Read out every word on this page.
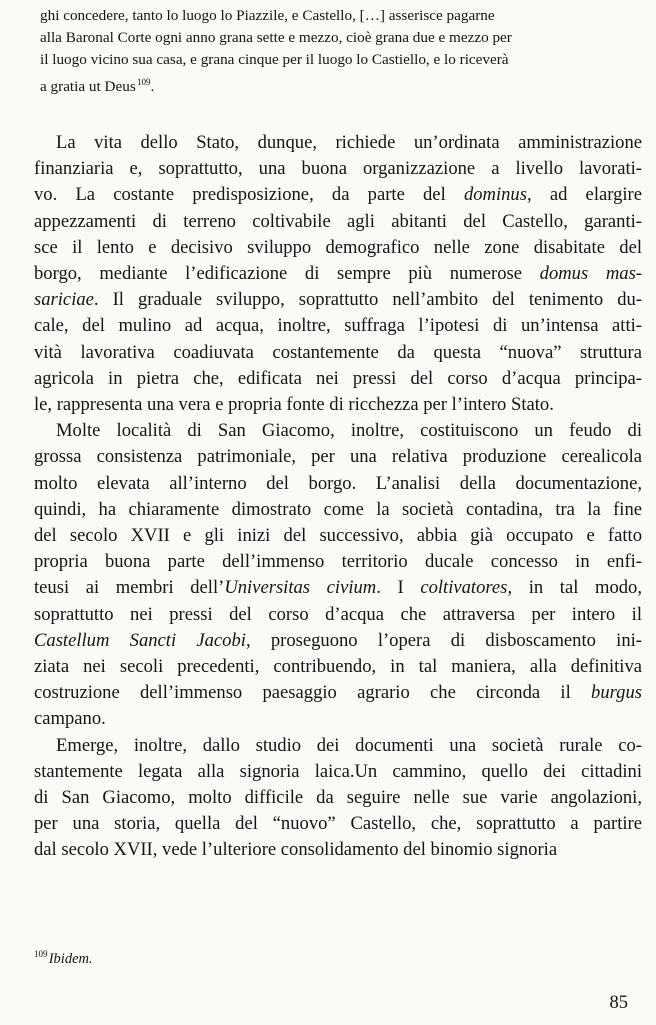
ghi concedere, tanto lo luogo lo Piazzile, e Castello, […] asserisce pagarne

alla Baronal Corte ogni anno grana sette e mezzo, cioè grana due e mezzo per

il luogo vicino sua casa, e grana cinque per il luogo lo Castiello, e lo riceverà

a gratia ut Deus $^{109}$.

La vita dello Stato, dunque, richiede un’ordinata amministrazione
finanziaria e, soprattutto, una buona organizzazione a livello lavorati-
vo. La costante predisposizione, da parte del dominus, ad elargire
appezzamenti di terreno coltivabile agli abitanti del Castello, garanti-
sce il lento e decisivo sviluppo demografico nelle zone disabitate del
borgo, mediante l’edificazione di sempre più numerose domus mas-
sariciae. Il graduale sviluppo, soprattutto nell’ambito del tenimento du-
cale, del mulino ad acqua, inoltre, suffraga l’ipotesi di un’intensa atti-
vità lavorativa coadiuvata costantemente da questa “nuova” struttura
agricola in pietra che, edificata nei pressi del corso d’acqua principa-
le, rappresenta una vera e propria fonte di ricchezza per l’intero Stato.
Molte località di San Giacomo, inoltre, costituiscono un feudo di
grossa consistenza patrimoniale, per una relativa produzione cerealicola
molto elevata all’interno del borgo. L’analisi della documentazione,
quindi, ha chiaramente dimostrato come la società contadina, tra la fine
del secolo XVII e gli inizi del successivo, abbia già occupato e fatto
propria buona parte dell’immenso territorio ducale concesso in enfi-
teusi ai membri dell’Universitas civium. I coltivatores, in tal modo,
soprattutto nei pressi del corso d’acqua che attraversa per intero il
Castellum Sancti Jacobi, proseguono l’opera di disboscamento ini-
ziata nei secoli precedenti, contribuendo, in tal maniera, alla definitiva
costruzione dell’immenso paesaggio agrario che circonda il burgus
campano.
Emerge, inoltre, dallo studio dei documenti una società rurale co-
stantemente legata alla signoria laica.Un cammino, quello dei cittadini
di San Giacomo, molto difficile da seguire nelle sue varie angolazioni,
per una storia, quella del “nuovo” Castello, che, soprattutto a partire
dal secolo XVII, vede l’ulteriore consolidamento del binomio signoria
$^{109}$ Ibidem.
85
